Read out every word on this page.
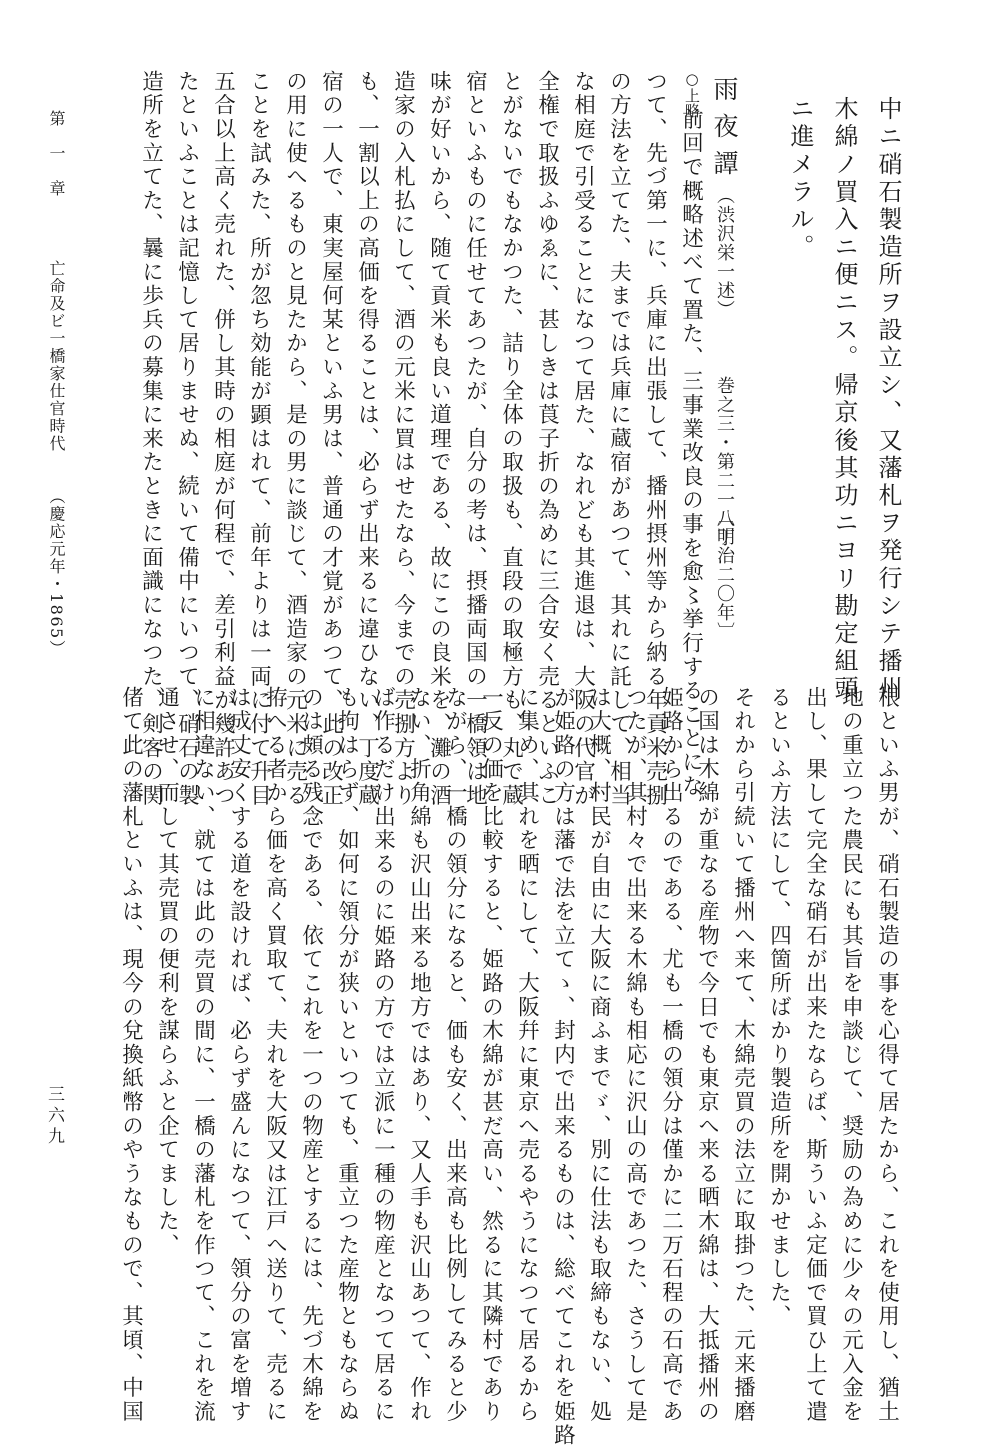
中ニ硝石製造所ヲ設立シ、又藩札ヲ発行シテ播州
木綿ノ買入ニ便ニス。帰京後其功ニヨリ勘定組頭
ニ進メラル。
雨夜譚
（渋沢栄一述）
巻之三・第二一八丁
〔明治二〇年〕
○上略
前回で概略述べて置た、三事業改良の事を愈〻挙行することにな
つて、先づ第一に、兵庫に出張して、播州摂州等から納る年貢米売捌
の方法を立てた、夫までは兵庫に蔵宿があつて、其れに託して、相当
な相庭で引受ることになつて居た、なれども其進退は、大阪の代官が
全権で取扱ふゆゑに、甚しきは莨子折の為めに三合安く売るといふこ
とがないでもなかつた、詰り全体の取扱も、直段の取極方も、丸で蔵
宿といふものに任せてあつたが、自分の考は、摂播両国の一橋領は地
味が好いから、随て貢米も良い道理である、故にこの良米を、灘の酒
造家の入札払にして、酒の元米に買はせたなら、今までの売捌方より
も、一割以上の高価を得ることは、必らず出来るに違ひない、丁度蔵
宿の一人で、東実屋何某といふ男は、普通の才覚があつて、此の改正
の用に使へるものと見たから、是の男に談じて、酒造家の元米に売る
ことを試みた、所が忽ち効能が顕はれて、前年よりは一両に付て升目
五合以上高く売れた、併し其時の相庭が何程で、差引利益が幾許あつ
たといふことは記憶して居りませぬ、続いて備中にいつて、硝石の製
造所を立てた、曩に歩兵の募集に来たときに面識になつた、剣客の関
根といふ男が、硝石製造の事を心得て居たから、これを使用し、猶土
地の重立つた農民にも其旨を申談じて、奨励の為めに少々の元入金を
出し、果して完全な硝石が出来たならば、斯ういふ定価で買ひ上て遣
るといふ方法にして、四箇所ばかり製造所を開かせました、
それから引続いて播州へ来て、木綿売買の法立に取掛つた、元来播磨
の国は木綿が重なる産物で今日でも東京へ来る晒木綿は、大抵播州の
姫路から出るのである、尤も一橋の領分は僅かに二万石程の石高であ
つたが、其村々で出来る木綿も相応に沢山の高であつた、さうして是
は大概、村民が自由に大阪に商ふまでゞ、別に仕法も取締もない、処
が姫路の方は藩で法を立てゝ、封内で出来るものは、総べてこれを姫路
に集め、其れを晒にして、大阪幷に東京へ売るやうになつて居るから
一反の価を比較すると、姫路の木綿が甚だ高い、然るに其隣村であり
ながら、一橋の領分になると、価も安く、出来高も比例してみると少
ない、折角綿も沢山出来る地方ではあり、又人手も沢山あつて、作れ
ば作るだけ出来るのに姫路の方では立派に一種の物産となつて居るに
も拘はらず、如何に領分が狭いといつても、重立つた産物ともならぬ
のは頗る残念である、依てこれを一つの物産とするには、先づ木綿を
拵へる者から価を高く買取て、夫れを大阪又は江戸へ送りて、売るに
は成丈安くする道を設ければ、必らず盛んになつて、領分の富を増す
に相違ない、就ては此の売買の間に、一橋の藩札を作つて、これを流
通させ、而して其売買の便利を謀らふと企てました、
偖て此の藩札といふは、現今の兌換紙幣のやうなもので、其頃、中国
第　一　章
亡命及ビ一橋家仕官時代
（慶応元年・1865）
三六九
